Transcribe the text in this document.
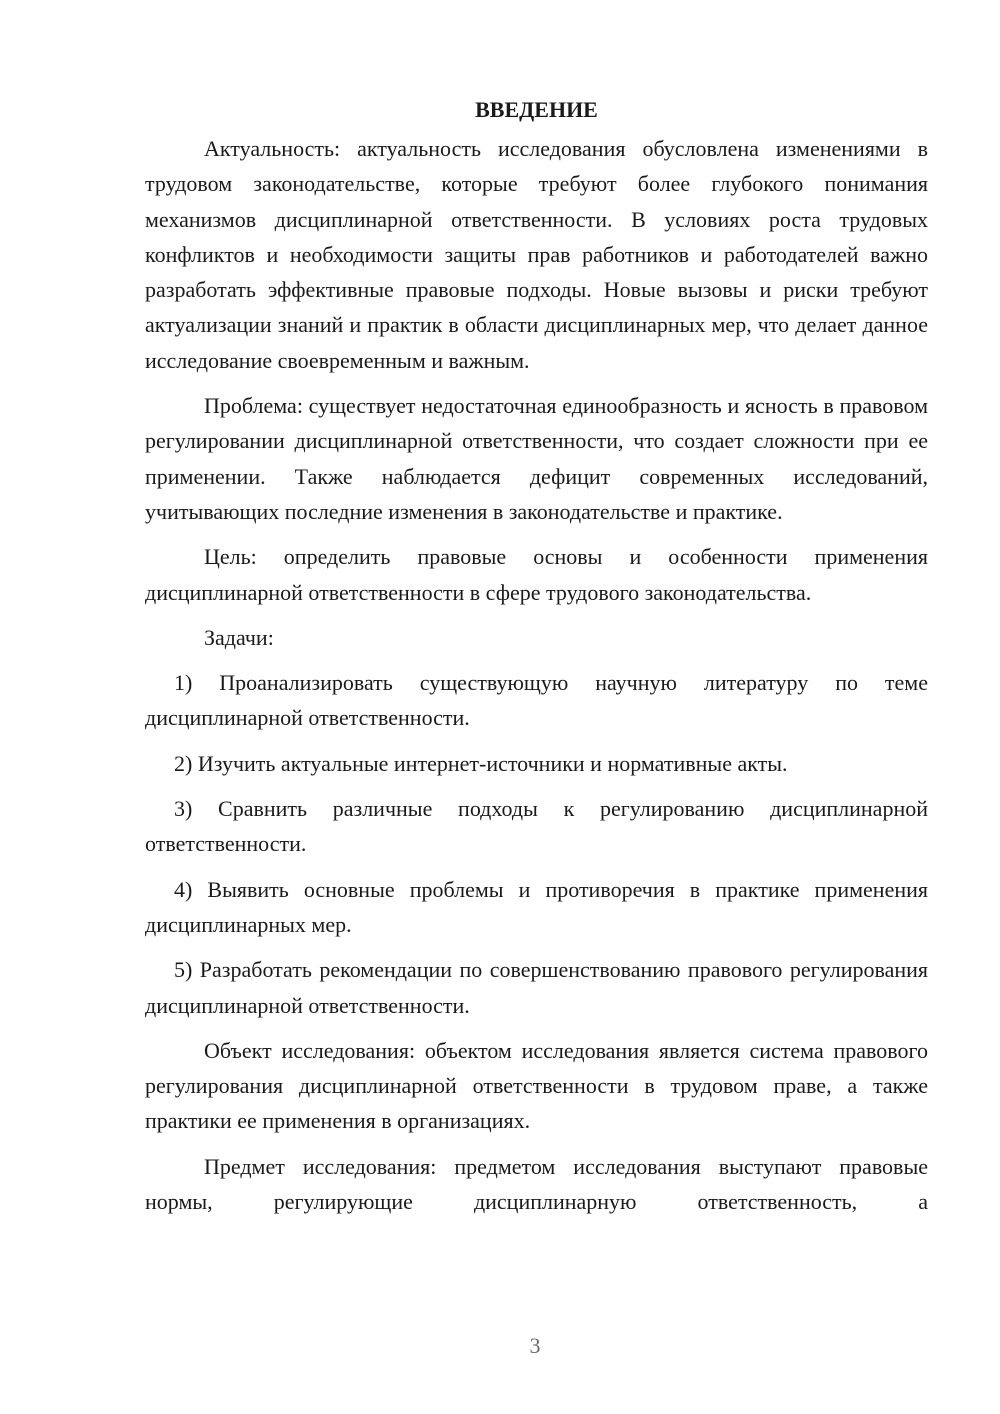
ВВЕДЕНИЕ

Актуальность: актуальность исследования обусловлена изменениями в трудовом законодательстве, которые требуют более глубокого понимания механизмов дисциплинарной ответственности. В условиях роста трудовых конфликтов и необходимости защиты прав работников и работодателей важно разработать эффективные правовые подходы. Новые вызовы и риски требуют актуализации знаний и практик в области дисциплинарных мер, что делает данное исследование своевременным и важным.

Проблема: существует недостаточная единообразность и ясность в правовом регулировании дисциплинарной ответственности, что создает сложности при ее применении. Также наблюдается дефицит современных исследований, учитывающих последние изменения в законодательстве и практике.

Цель: определить правовые основы и особенности применения дисциплинарной ответственности в сфере трудового законодательства.

Задачи:

1) Проанализировать существующую научную литературу по теме дисциплинарной ответственности.

2) Изучить актуальные интернет-источники и нормативные акты.

3) Сравнить различные подходы к регулированию дисциплинарной ответственности.

4) Выявить основные проблемы и противоречия в практике применения дисциплинарных мер.

5) Разработать рекомендации по совершенствованию правового регулирования дисциплинарной ответственности.

Объект исследования: объектом исследования является система правового регулирования дисциплинарной ответственности в трудовом праве, а также практики ее применения в организациях.

Предмет исследования: предметом исследования выступают правовые нормы, регулирующие дисциплинарную ответственность, а

3
